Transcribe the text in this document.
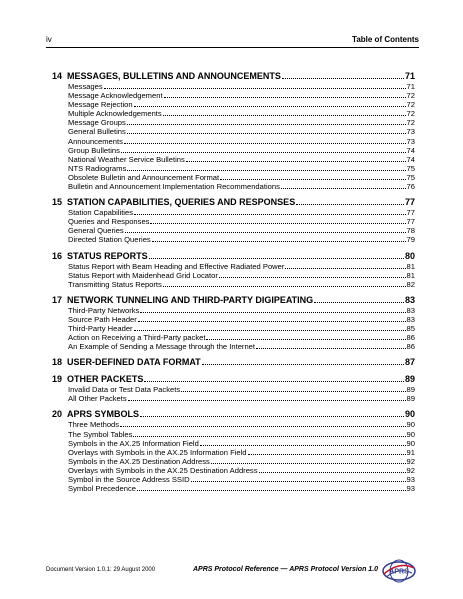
iv	Table of Contents
14 MESSAGES, BULLETINS AND ANNOUNCEMENTS	71
Messages	71
Message Acknowledgement	72
Message Rejection	72
Multiple Acknowledgements	72
Message Groups	72
General Bulletins	73
Announcements	73
Group Bulletins	74
National Weather Service Bulletins	74
NTS Radiograms	75
Obsolete Bulletin and Announcement Format	75
Bulletin and Announcement Implementation Recommendations	76
15 STATION CAPABILITIES, QUERIES AND RESPONSES	77
Station Capabilities	77
Queries and Responses	77
General Queries	78
Directed Station Queries	79
16 STATUS REPORTS	80
Status Report with Beam Heading and Effective Radiated Power	81
Status Report with Maidenhead Grid Locator	81
Transmitting Status Reports	82
17 NETWORK TUNNELING AND THIRD-PARTY DIGIPEATING	83
Third-Party Networks	83
Source Path Header	83
Third-Party Header	85
Action on Receiving a Third-Party packet	86
An Example of Sending a Message through the Internet	86
18 USER-DEFINED DATA FORMAT	87
19 OTHER PACKETS	89
Invalid Data or Test Data Packets	89
All Other Packets	89
20 APRS SYMBOLS	90
Three Methods	90
The Symbol Tables	90
Symbols in the AX.25 Information Field	90
Overlays with Symbols in the AX.25 Information Field	91
Symbols in the AX.25 Destination Address	92
Overlays with Symbols in the AX.25 Destination Address	92
Symbol in the Source Address SSID	93
Symbol Precedence	93
Document Version 1.0.1: 29 August 2000	APRS Protocol Reference — APRS Protocol Version 1.0 APRS
